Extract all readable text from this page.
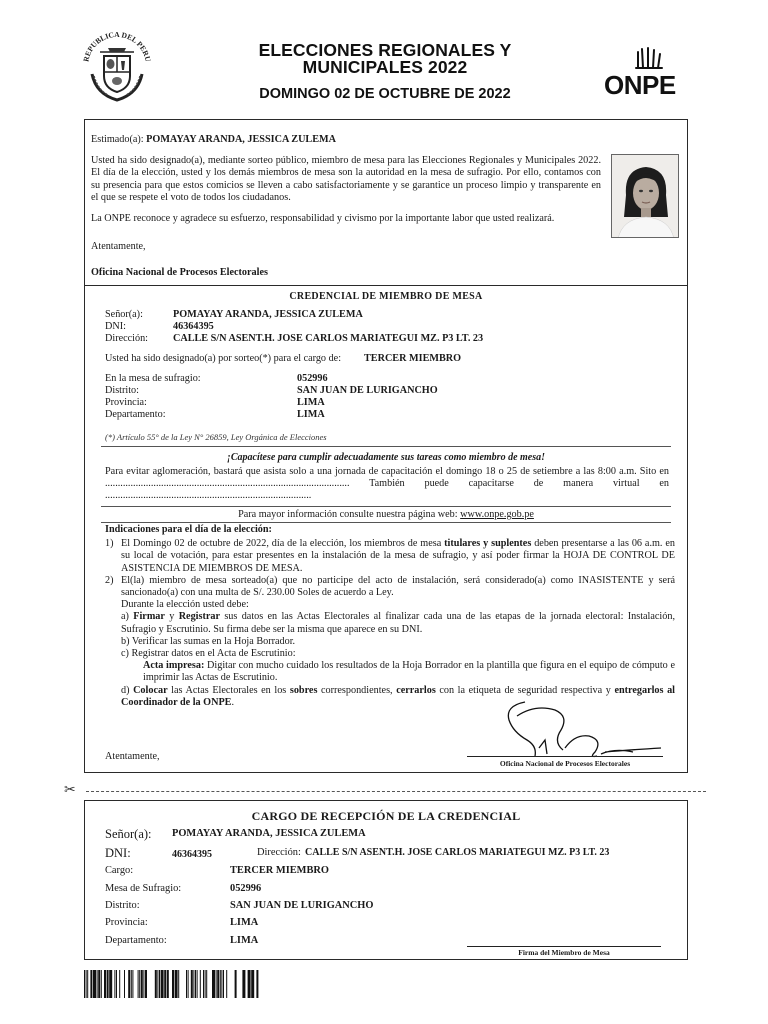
REPUBLICA DEL PERU	ELECCIONES REGIONALES Y
MUNICIPALES 2022
DOMINGO 02 DE OCTUBRE DE 2022	ONPE

Estimado(a): POMAYAY ARANDA, JESSICA ZULEMA

Usted ha sido designado(a), mediante sorteo público, miembro de mesa para las Elecciones Regionales y Municipales 2022. El día de la elección, usted y los demás miembros de mesa son la autoridad en la mesa de sufragio. Por ello, contamos con su presencia para que estos comicios se lleven a cabo satisfactoriamente y se garantice un proceso limpio y transparente en el que se respete el voto de todos los ciudadanos.

La ONPE reconoce y agradece su esfuerzo, responsabilidad y civismo por la importante labor que usted realizará.

Atentamente,

Oficina Nacional de Procesos Electorales

CREDENCIAL DE MIEMBRO DE MESA
Señor(a):	POMAYAY ARANDA, JESSICA ZULEMA
DNI:	46364395
Dirección: CALLE S/N ASENT.H. JOSE CARLOS MARIATEGUI MZ. P3 LT. 23
Usted ha sido designado(a) por sorteo(*) para el cargo de: TERCER MIEMBRO
En la mesa de sufragio:	052996
Distrito:	SAN JUAN DE LURIGANCHO
Provincia:	LIMA
Departamento:	LIMA
(*) Artículo 55° de la Ley N° 26859, Ley Orgánica de Elecciones
¡Capacítese para cumplir adecuadamente sus tareas como miembro de mesa!
Para evitar aglomeración, bastará que asista solo a una jornada de capacitación el domingo 18 o 25 de setiembre a las 8:00 a.m. Sito en ................................................................................................ También puede capacitarse de manera virtual en .................................................................................
Para mayor información consulte nuestra página web: www.onpe.gob.pe
Indicaciones para el día de la elección:
1) El Domingo 02 de octubre de 2022, día de la elección, los miembros de mesa titulares y suplentes deben presentarse a las 06 a.m. en su local de votación, para estar presentes en la instalación de la mesa de sufragio, y así poder firmar la HOJA DE CONTROL DE ASISTENCIA DE MIEMBROS DE MESA.
2) El(la) miembro de mesa sorteado(a) que no participe del acto de instalación, será considerado(a) como INASISTENTE y será sancionado(a) con una multa de S/. 230.00 Soles de acuerdo a Ley.
Durante la elección usted debe:
a) Firmar y Registrar sus datos en las Actas Electorales al finalizar cada una de las etapas de la jornada electoral: Instalación, Sufragio y Escrutinio. Su firma debe ser la misma que aparece en su DNI.
b) Verificar las sumas en la Hoja Borrador.
c) Registrar datos en el Acta de Escrutinio:
Acta impresa: Digitar con mucho cuidado los resultados de la Hoja Borrador en la plantilla que figura en el equipo de cómputo e imprimir las Actas de Escrutinio.
d) Colocar las Actas Electorales en los sobres correspondientes, cerrarlos con la etiqueta de seguridad respectiva y entregarlos al Coordinador de la ONPE.
Atentamente,
Oficina Nacional de Procesos Electorales
✂
CARGO DE RECEPCIÓN DE LA CREDENCIAL
Señor(a): POMAYAY ARANDA, JESSICA ZULEMA
DNI:	46364395	Dirección: CALLE S/N ASENT.H. JOSE CARLOS MARIATEGUI MZ. P3 LT. 23
Cargo:	TERCER MIEMBRO
Mesa de Sufragio:	052996
Distrito:	SAN JUAN DE LURIGANCHO
Provincia:	LIMA
Departamento:	LIMA
Firma del Miembro de Mesa
